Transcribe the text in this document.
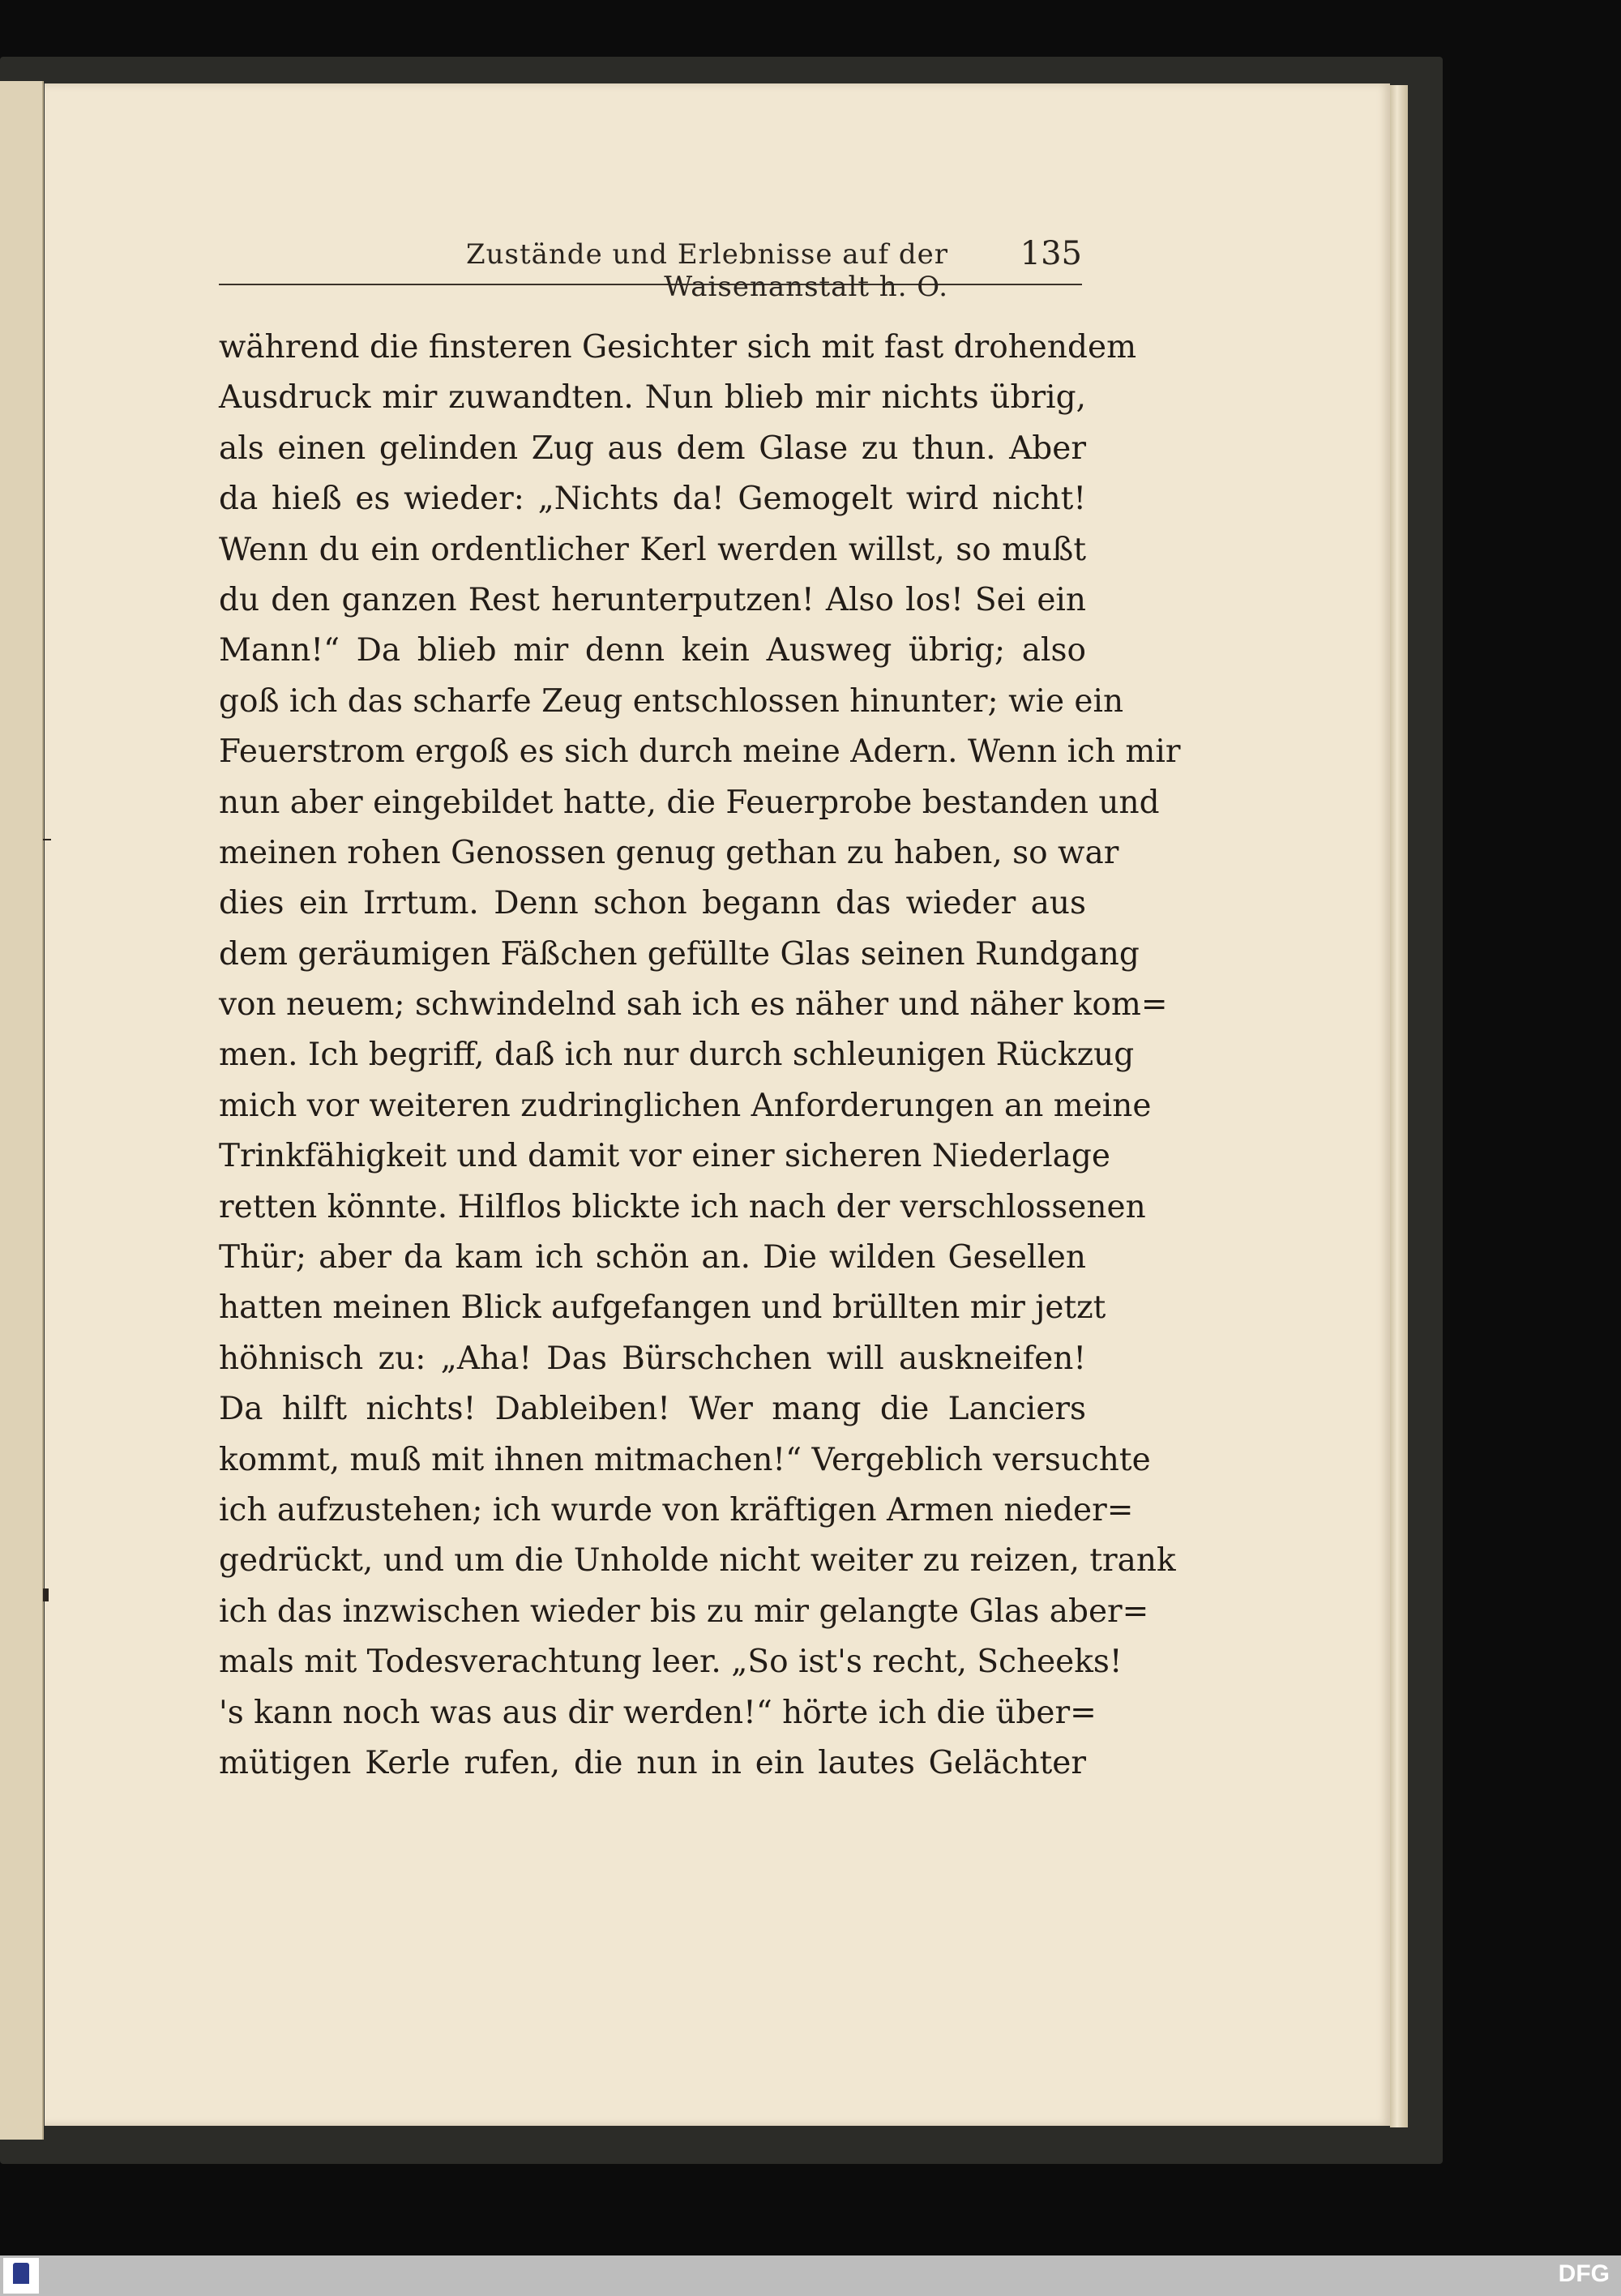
Zustände und Erlebnisse auf der Waisenanstalt h. O.
135
während die finsteren Gesichter sich mit fast drohendem
Ausdruck mir zuwandten. Nun blieb mir nichts übrig,
als einen gelinden Zug aus dem Glase zu thun. Aber
da hieß es wieder: „Nichts da! Gemogelt wird nicht!
Wenn du ein ordentlicher Kerl werden willst, so mußt
du den ganzen Rest herunterputzen! Also los! Sei ein
Mann!“ Da blieb mir denn kein Ausweg übrig; also
goß ich das scharfe Zeug entschlossen hinunter; wie ein
Feuerstrom ergoß es sich durch meine Adern. Wenn ich mir
nun aber eingebildet hatte, die Feuerprobe bestanden und
meinen rohen Genossen genug gethan zu haben, so war
dies ein Irrtum. Denn schon begann das wieder aus
dem geräumigen Fäßchen gefüllte Glas seinen Rundgang
von neuem; schwindelnd sah ich es näher und näher kom=
men. Ich begriff, daß ich nur durch schleunigen Rückzug
mich vor weiteren zudringlichen Anforderungen an meine
Trinkfähigkeit und damit vor einer sicheren Niederlage
retten könnte. Hilflos blickte ich nach der verschlossenen
Thür; aber da kam ich schön an. Die wilden Gesellen
hatten meinen Blick aufgefangen und brüllten mir jetzt
höhnisch zu: „Aha! Das Bürschchen will auskneifen!
Da hilft nichts! Dableiben! Wer mang die Lanciers
kommt, muß mit ihnen mitmachen!“ Vergeblich versuchte
ich aufzustehen; ich wurde von kräftigen Armen nieder=
gedrückt, und um die Unholde nicht weiter zu reizen, trank
ich das inzwischen wieder bis zu mir gelangte Glas aber=
mals mit Todesverachtung leer. „So ist's recht, Scheeks!
's kann noch was aus dir werden!“ hörte ich die über=
mütigen Kerle rufen, die nun in ein lautes Gelächter
DFG
